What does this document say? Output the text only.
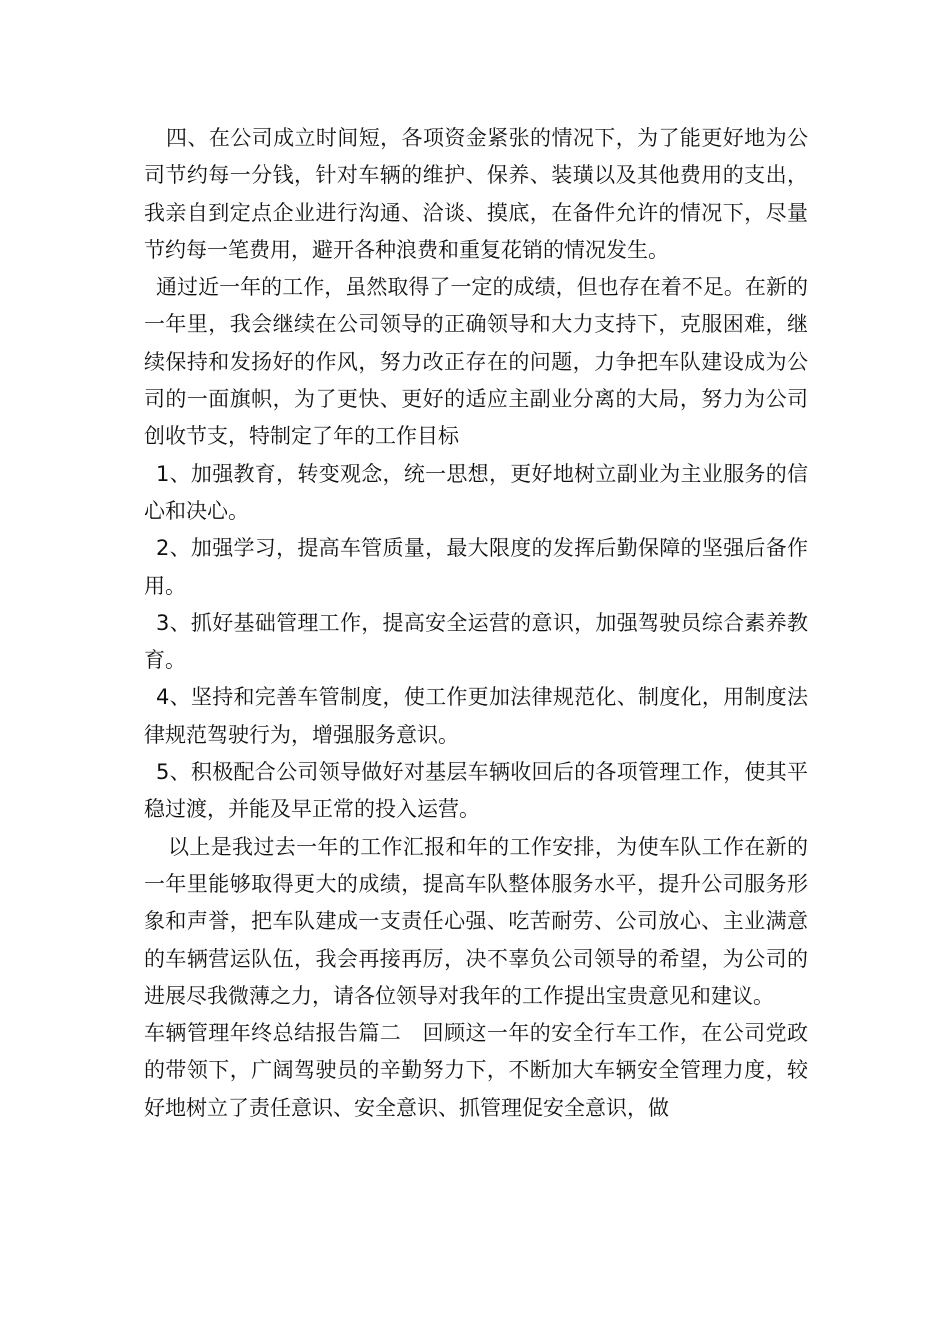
四、在公司成立时间短，各项资金紧张的情况下，为了能更好地为公司节约每一分钱，针对车辆的维护、保养、装璜以及其他费用的支出，我亲自到定点企业进行沟通、洽谈、摸底，在备件允许的情况下，尽量节约每一笔费用，避开各种浪费和重复花销的情况发生。

通过近一年的工作，虽然取得了一定的成绩，但也存在着不足。在新的一年里，我会继续在公司领导的正确领导和大力支持下，克服困难，继续保持和发扬好的作风，努力改正存在的问题，力争把车队建设成为公司的一面旗帜，为了更快、更好的适应主副业分离的大局，努力为公司创收节支，特制定了年的工作目标

1、加强教育，转变观念，统一思想，更好地树立副业为主业服务的信心和决心。

2、加强学习，提高车管质量，最大限度的发挥后勤保障的坚强后备作用。

3、抓好基础管理工作，提高安全运营的意识，加强驾驶员综合素养教育。

4、坚持和完善车管制度，使工作更加法律规范化、制度化，用制度法律规范驾驶行为，增强服务意识。

5、积极配合公司领导做好对基层车辆收回后的各项管理工作，使其平稳过渡，并能及早正常的投入运营。

以上是我过去一年的工作汇报和年的工作安排，为使车队工作在新的一年里能够取得更大的成绩，提高车队整体服务水平，提升公司服务形象和声誉，把车队建成一支责任心强、吃苦耐劳、公司放心、主业满意的车辆营运队伍，我会再接再厉，决不辜负公司领导的希望，为公司的进展尽我微薄之力，请各位领导对我年的工作提出宝贵意见和建议。

车辆管理年终总结报告篇二　回顾这一年的安全行车工作，在公司党政的带领下，广阔驾驶员的辛勤努力下，不断加大车辆安全管理力度，较好地树立了责任意识、安全意识、抓管理促安全意识，做
